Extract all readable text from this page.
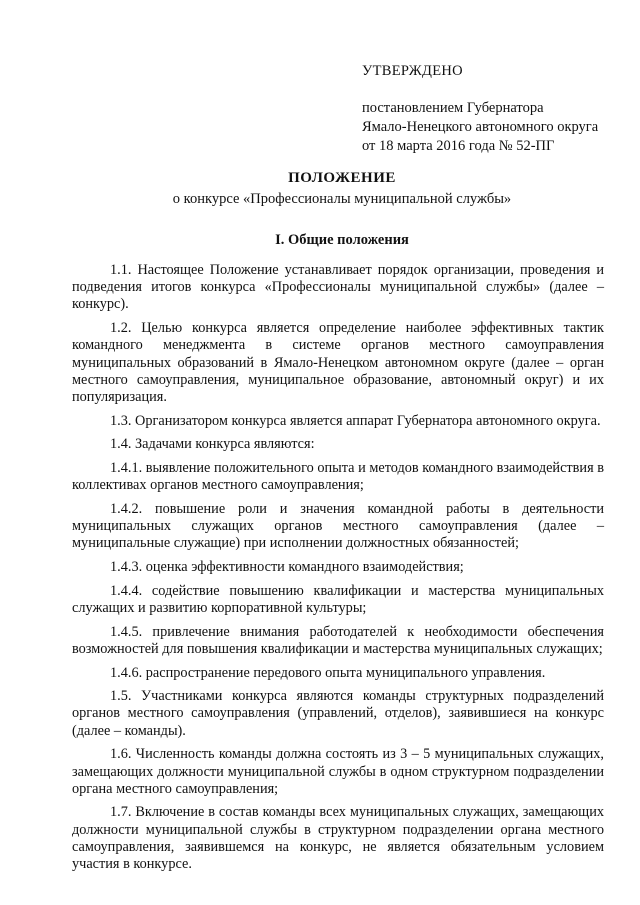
УТВЕРЖДЕНО
постановлением Губернатора
Ямало-Ненецкого автономного округа
от 18 марта 2016 года № 52-ПГ
ПОЛОЖЕНИЕ
о конкурсе «Профессионалы муниципальной службы»
I. Общие положения

1.1. Настоящее Положение устанавливает порядок организации, проведения и подведения итогов конкурса «Профессионалы муниципальной службы» (далее – конкурс).

1.2. Целью конкурса является определение наиболее эффективных тактик командного менеджмента в системе органов местного самоуправления муниципальных образований в Ямало-Ненецком автономном округе (далее – орган местного самоуправления, муниципальное образование, автономный округ) и их популяризация.

1.3. Организатором конкурса является аппарат Губернатора автономного округа.

1.4. Задачами конкурса являются:

1.4.1. выявление положительного опыта и методов командного взаимодействия в коллективах органов местного самоуправления;

1.4.2. повышение роли и значения командной работы в деятельности муниципальных служащих органов местного самоуправления (далее – муниципальные служащие) при исполнении должностных обязанностей;

1.4.3. оценка эффективности командного взаимодействия;

1.4.4. содействие повышению квалификации и мастерства муниципальных служащих и развитию корпоративной культуры;

1.4.5. привлечение внимания работодателей к необходимости обеспечения возможностей для повышения квалификации и мастерства муниципальных служащих;

1.4.6. распространение передового опыта муниципального управления.

1.5. Участниками конкурса являются команды структурных подразделений органов местного самоуправления (управлений, отделов), заявившиеся на конкурс (далее – команды).

1.6. Численность команды должна состоять из 3 – 5 муниципальных служащих, замещающих должности муниципальной службы в одном структурном подразделении органа местного самоуправления;

1.7. Включение в состав команды всех муниципальных служащих, замещающих должности муниципальной службы в структурном подразделении органа местного самоуправления, заявившемся на конкурс, не является обязательным условием участия в конкурсе.
